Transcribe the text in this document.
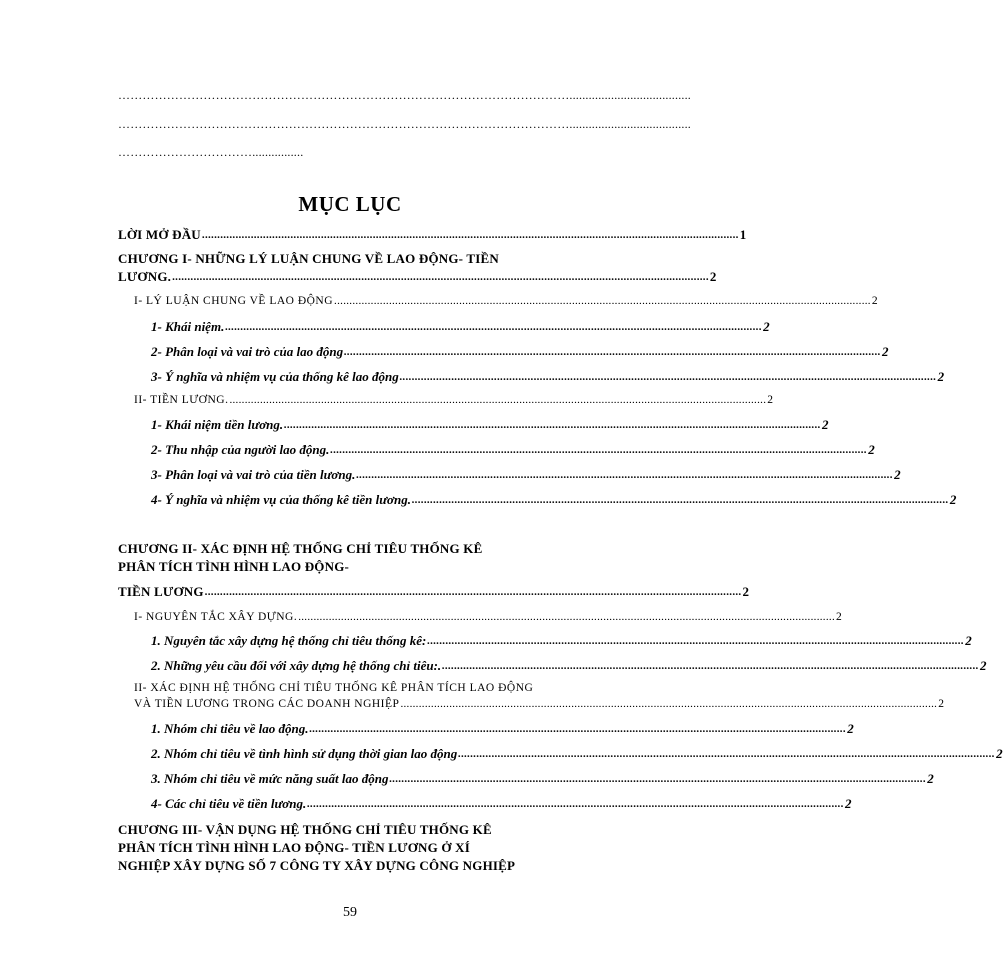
…………………………………………………………………………………………………......................................
…………………………………………………………………………………………………......................................
……………………………................
MỤC LỤC
LỜI MỞ ĐẦU ................................................................................................................................................................................ 1
CHƯƠNG I- NHỮNG LÝ LUẬN CHUNG VỀ LAO ĐỘNG- TIỀN
LƯƠNG. ................................................................................................................................................................................ 2
I- LÝ LUẬN CHUNG VỀ LAO ĐỘNG ................................................................................................................................................................................ 2
1- Khái niệm. ................................................................................................................................................................................ 2
2- Phân loại và vai trò của lao động ................................................................................................................................................................................ 2
3- Ý nghĩa và nhiệm vụ của thống kê lao động ................................................................................................................................................................................ 2
II- TIỀN LƯƠNG. ................................................................................................................................................................................ 2
1- Khái niệm tiền lương. ................................................................................................................................................................................ 2
2- Thu nhập của người lao động. ................................................................................................................................................................................ 2
3- Phân loại và vai trò của tiền lương. ................................................................................................................................................................................ 2
4- Ý nghĩa và nhiệm vụ của thống kê tiền lương. ................................................................................................................................................................................ 2
CHƯƠNG II- XÁC ĐỊNH HỆ THỐNG CHỈ TIÊU THỐNG KÊ
PHÂN TÍCH TÌNH HÌNH LAO ĐỘNG-
TIỀN LƯƠNG ................................................................................................................................................................................ 2
I- NGUYÊN TẮC XÂY DỰNG. ................................................................................................................................................................................ 2
1. Nguyên tắc xây dựng hệ thống chỉ tiêu thống kê: ................................................................................................................................................................................ 2
2. Những yêu cầu đối với xây dựng hệ thống chỉ tiêu:. ................................................................................................................................................................................ 2
II- XÁC ĐỊNH HỆ THỐNG CHỈ TIÊU THỐNG KÊ PHÂN TÍCH LAO ĐỘNG
VÀ TIỀN LƯƠNG TRONG CÁC DOANH NGHIỆP ................................................................................................................................................................................ 2
1. Nhóm chỉ tiêu về lao động. ................................................................................................................................................................................ 2
2. Nhóm chỉ tiêu về tình hình sử dụng thời gian lao động ................................................................................................................................................................................ 2
3. Nhóm chỉ tiêu về mức năng suất lao động ................................................................................................................................................................................ 2
4- Các chỉ tiêu về tiền lương. ................................................................................................................................................................................ 2
CHƯƠNG III- VẬN DỤNG HỆ THỐNG CHỈ TIÊU THỐNG KÊ
PHÂN TÍCH TÌNH HÌNH LAO ĐỘNG- TIỀN LƯƠNG Ở XÍ
NGHIỆP XÂY DỰNG SỐ 7 CÔNG TY XÂY DỰNG CÔNG NGHIỆP
59
